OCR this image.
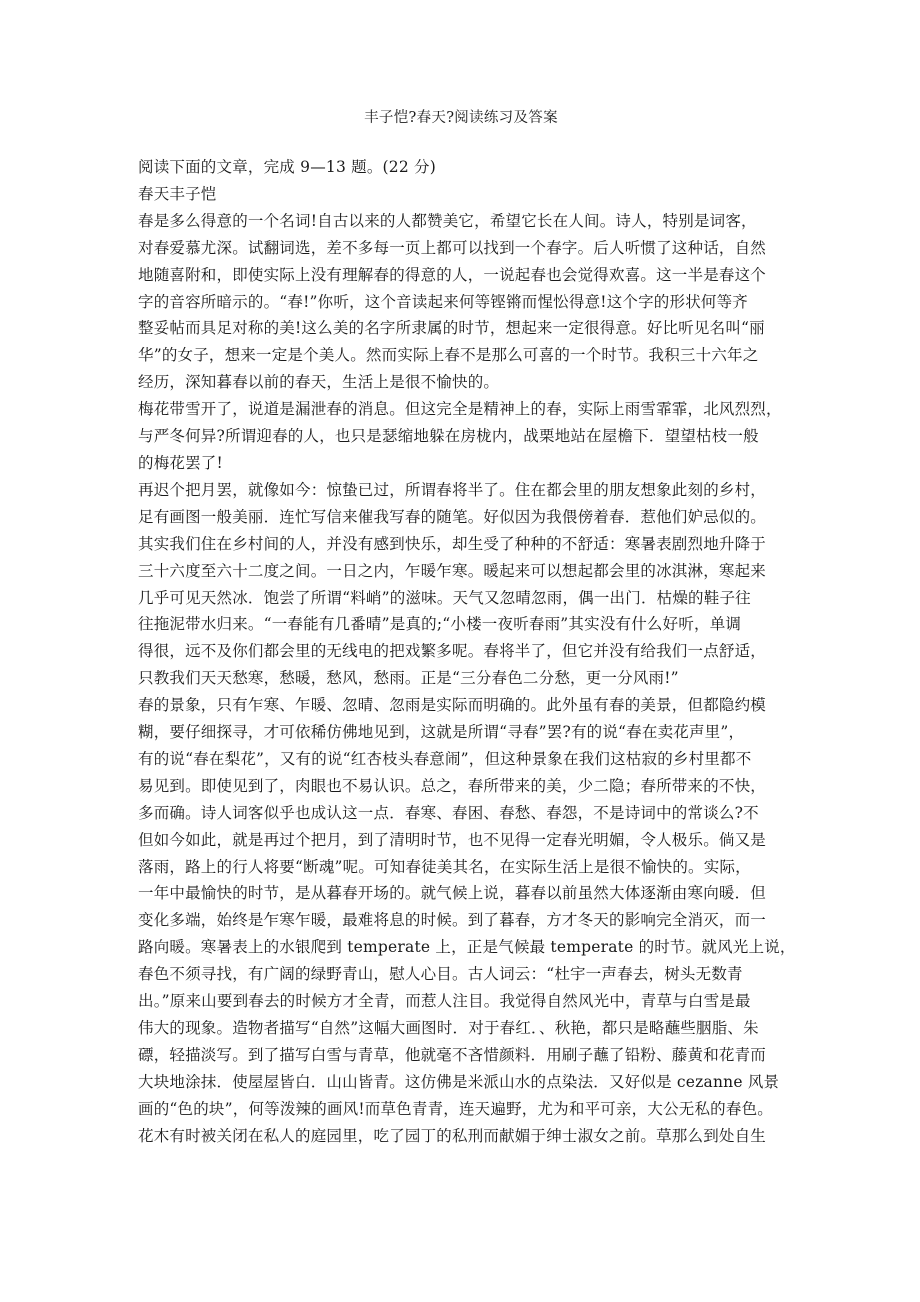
丰子恺?春天?阅读练习及答案

阅读下面的文章，完成 9—13 题。(22 分)

春天丰子恺

春是多么得意的一个名词!自古以来的人都赞美它，希望它长在人间。诗人，特别是词客，

对春爱慕尤深。试翻词选，差不多每一页上都可以找到一个春字。后人听惯了这种话，自然

地随喜附和，即使实际上没有理解春的得意的人，一说起春也会觉得欢喜。这一半是春这个

字的音容所暗示的。“春!”你听，这个音读起来何等铿锵而惺忪得意!这个字的形状何等齐

整妥帖而具足对称的美!这么美的名字所隶属的时节，想起来一定很得意。好比听见名叫“丽

华”的女子，想来一定是个美人。然而实际上春不是那么可喜的一个时节。我积三十六年之

经历，深知暮春以前的春天，生活上是很不愉快的。

梅花带雪开了，说道是漏泄春的消息。但这完全是精神上的春，实际上雨雪霏霏，北风烈烈，

与严冬何异?所谓迎春的人，也只是瑟缩地躲在房栊内，战栗地站在屋檐下．望望枯枝一般

的梅花罢了!

再迟个把月罢，就像如今：惊蛰已过，所谓春将半了。住在都会里的朋友想象此刻的乡村，

足有画图一般美丽．连忙写信来催我写春的随笔。好似因为我偎傍着春．惹他们妒忌似的。

其实我们住在乡村间的人，并没有感到快乐，却生受了种种的不舒适：寒暑表剧烈地升降于

三十六度至六十二度之间。一日之内，乍暖乍寒。暖起来可以想起都会里的冰淇淋，寒起来

几乎可见天然冰．饱尝了所谓“料峭”的滋味。天气又忽晴忽雨，偶一出门．枯燥的鞋子往

往拖泥带水归来。“一春能有几番晴”是真的;“小楼一夜听春雨”其实没有什么好听，单调

得很，远不及你们都会里的无线电的把戏繁多呢。春将半了，但它并没有给我们一点舒适，

只教我们天天愁寒，愁暖，愁风，愁雨。正是“三分春色二分愁，更一分风雨!”

春的景象，只有乍寒、乍暖、忽晴、忽雨是实际而明确的。此外虽有春的美景，但都隐约模

糊，要仔细探寻，才可依稀仿佛地见到，这就是所谓“寻春”罢?有的说“春在卖花声里”，

有的说“春在梨花”，又有的说“红杏枝头春意闹”，但这种景象在我们这枯寂的乡村里都不

易见到。即使见到了，肉眼也不易认识。总之，春所带来的美，少二隐；春所带来的不快，

多而确。诗人词客似乎也成认这一点．春寒、春困、春愁、春怨，不是诗词中的常谈么?不

但如今如此，就是再过个把月，到了清明时节，也不见得一定春光明媚，令人极乐。倘又是

落雨，路上的行人将要“断魂”呢。可知春徒美其名，在实际生活上是很不愉快的。实际，

一年中最愉快的时节，是从暮春开场的。就气候上说，暮春以前虽然大体逐渐由寒向暖．但

变化多端，始终是乍寒乍暖，最难将息的时候。到了暮春，方才冬天的影响完全消灭，而一

路向暖。寒暑表上的水银爬到 temperate 上，正是气候最 temperate 的时节。就风光上说，

春色不须寻找，有广阔的绿野青山，慰人心目。古人词云：“杜宇一声春去，树头无数青

出。”原来山要到春去的时候方才全青，而惹人注目。我觉得自然风光中，青草与白雪是最

伟大的现象。造物者描写“自然”这幅大画图时．对于春红．、秋艳，都只是略蘸些胭脂、朱

磦，轻描淡写。到了描写白雪与青草，他就毫不吝惜颜料．用刷子蘸了铅粉、藤黄和花青而

大块地涂抹．使屋屋皆白．山山皆青。这仿佛是米派山水的点染法．又好似是 cezanne 风景

画的“色的块”，何等泼辣的画风!而草色青青，连天遍野，尤为和平可亲，大公无私的春色。

花木有时被关闭在私人的庭园里，吃了园丁的私刑而献媚于绅士淑女之前。草那么到处自生
